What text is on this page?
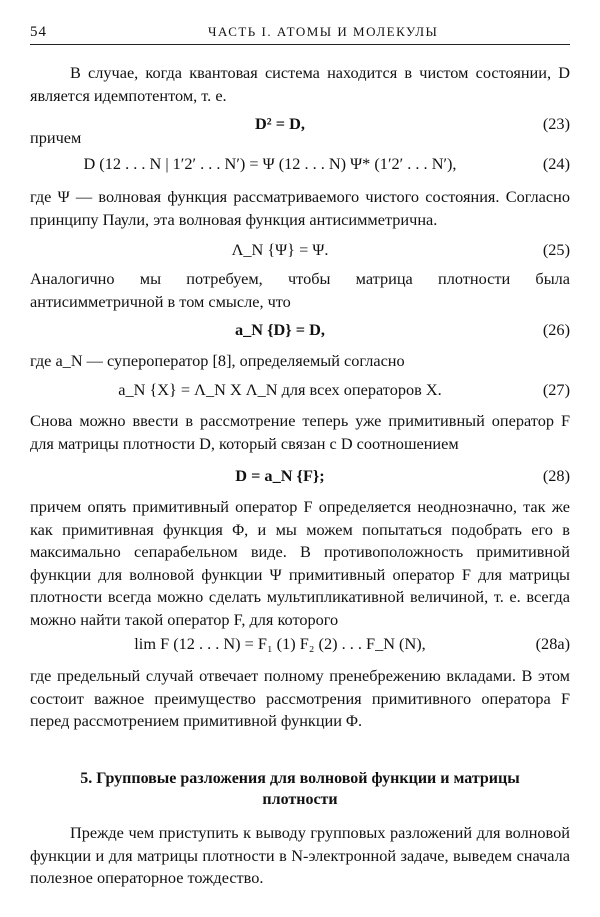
54	ЧАСТЬ I. АТОМЫ И МОЛЕКУЛЫ

В случае, когда квантовая система находится в чистом состоянии, D является идемпотентом, т. е.

D² = D,	(23)
причем
D (12 . . . N | 1′2′ . . . N′) = Ψ (12 . . . N) Ψ* (1′2′ . . . N′),	(24)

где Ψ — волновая функция рассматриваемого чистого состояния. Согласно принципу Паули, эта волновая функция антисимметрична.

Λ_N {Ψ} = Ψ.	(25)

Аналогично мы потребуем, чтобы матрица плотности была антисимметричной в том смысле, что

a_N {D} = D,	(26)
где a_N — супероператор [8], определяемый согласно
a_N {X} = Λ_N X Λ_N для всех операторов X.	(27)

Снова можно ввести в рассмотрение теперь уже примитивный оператор F для матрицы плотности D, который связан с D соотношением

D = a_N {F};	(28)

причем опять примитивный оператор F определяется неоднозначно, так же как примитивная функция Φ, и мы можем попытаться подобрать его в максимально сепарабельном виде. В противоположность примитивной функции для волновой функции Ψ примитивный оператор F для матрицы плотности всегда можно сделать мультипликативной величиной, т. е. всегда можно найти такой оператор F, для которого

lim F (12 . . . N) = F₁ (1) F₂ (2) . . . F_N (N),	(28a)

где предельный случай отвечает полному пренебрежению вкладами. В этом состоит важное преимущество рассмотрения примитивного оператора F перед рассмотрением примитивной функции Φ.

5. Групповые разложения для волновой функции и матрицы
плотности

Прежде чем приступить к выводу групповых разложений для волновой функции и для матрицы плотности в N-электронной задаче, выведем сначала полезное операторное тождество.
